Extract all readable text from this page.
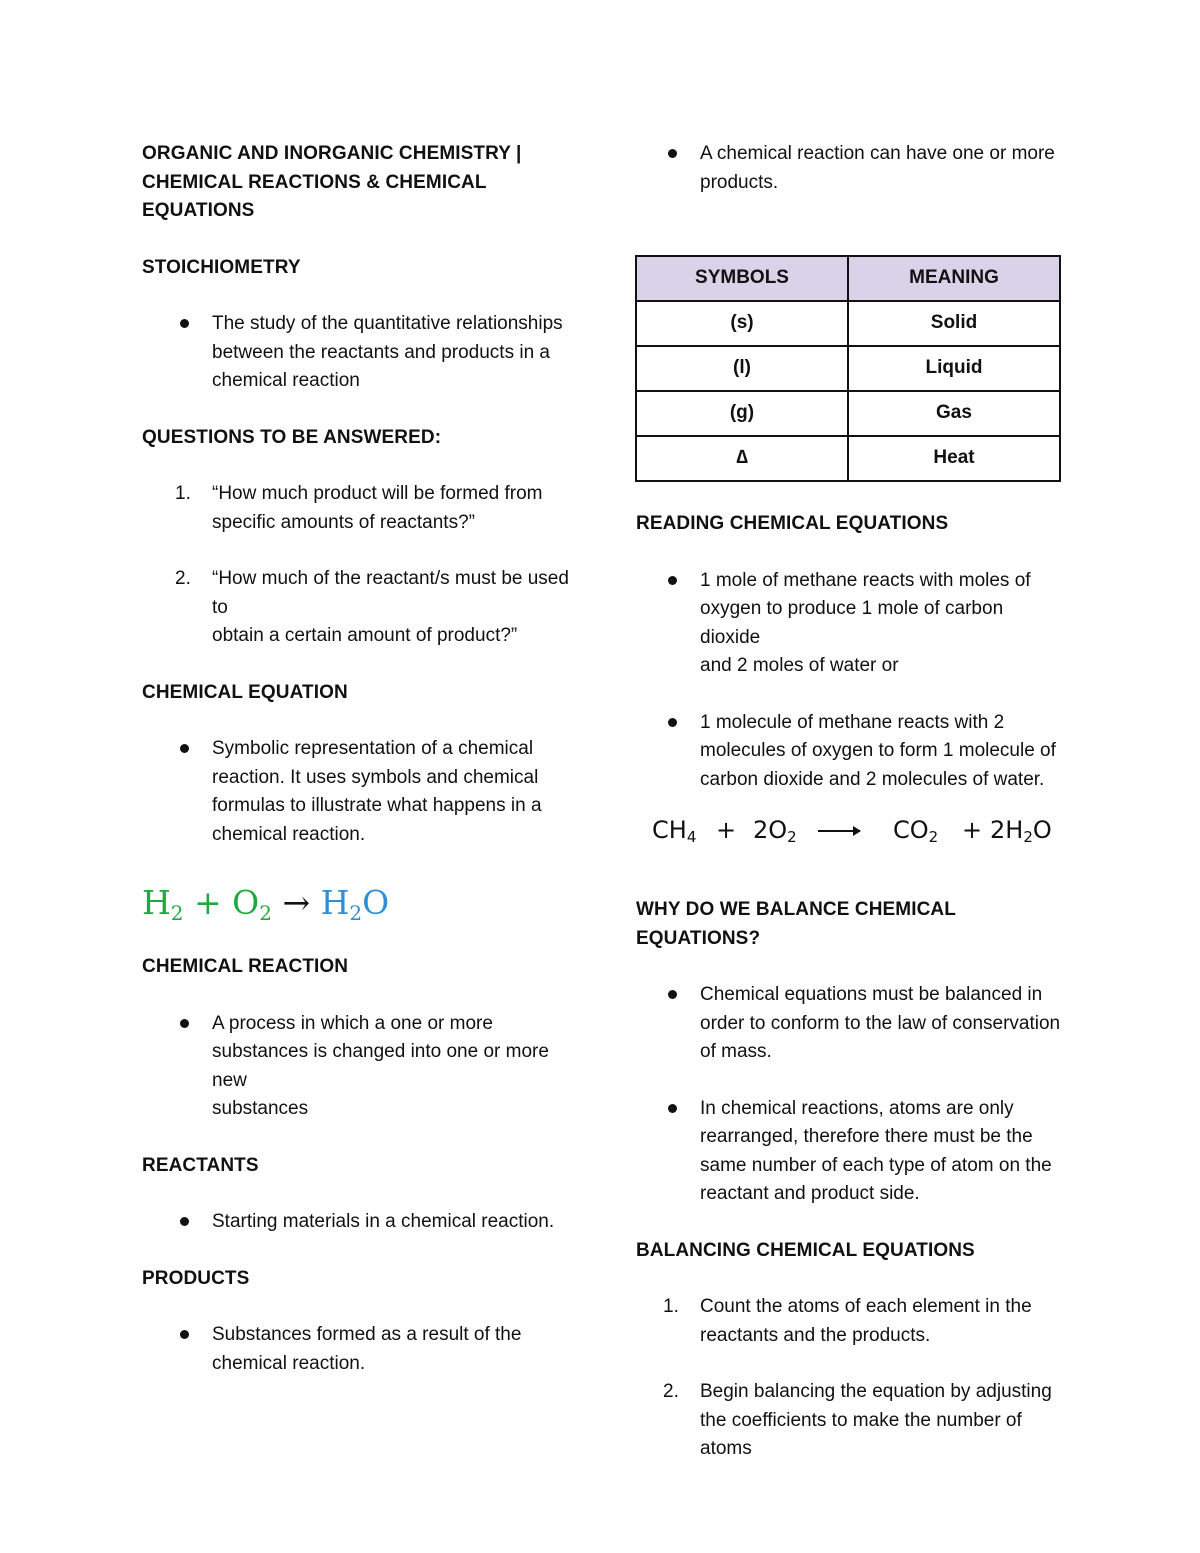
ORGANIC AND INORGANIC CHEMISTRY |
CHEMICAL REACTIONS & CHEMICAL
EQUATIONS

STOICHIOMETRY

The study of the quantitative relationships
between the reactants and products in a
chemical reaction

QUESTIONS TO BE ANSWERED:

1. “How much product will be formed from
specific amounts of reactants?”
2. “How much of the reactant/s must be used to
obtain a certain amount of product?”

CHEMICAL EQUATION

Symbolic representation of a chemical
reaction. It uses symbols and chemical
formulas to illustrate what happens in a
chemical reaction.

$H_2 + O_2 \to H_2O$

CHEMICAL REACTION

A process in which a one or more
substances is changed into one or more new
substances

REACTANTS

Starting materials in a chemical reaction.

PRODUCTS

Substances formed as a result of the
chemical reaction.
A chemical reaction can have one or more
products.
SYMBOLS	MEANING
(s)	Solid
(l)	Liquid
(g)	Gas
∆	Heat

READING CHEMICAL EQUATIONS

1 mole of methane reacts with moles of
oxygen to produce 1 mole of carbon dioxide
and 2 moles of water or
1 molecule of methane reacts with 2
molecules of oxygen to form 1 molecule of
carbon dioxide and 2 molecules of water.
$CH_4 + 2O_2$	$CO_2 + 2H_2O$

WHY DO WE BALANCE CHEMICAL EQUATIONS?

Chemical equations must be balanced in
order to conform to the law of conservation
of mass.
In chemical reactions, atoms are only
rearranged, therefore there must be the
same number of each type of atom on the
reactant and product side.

BALANCING CHEMICAL EQUATIONS

1. Count the atoms of each element in the
reactants and the products.
2. Begin balancing the equation by adjusting
the coefficients to make the number of atoms
